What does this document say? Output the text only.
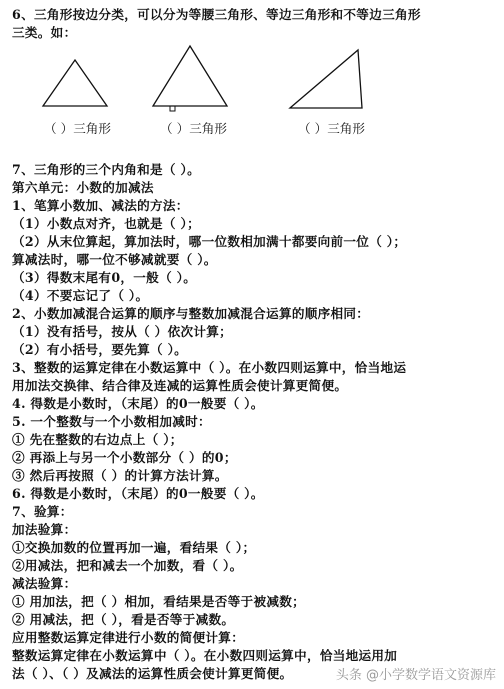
6、三角形按边分类，可以分为等腰三角形、等边三角形和不等边三角形
三类。如：
（ ）三角形	（ ）三角形	（ ）三角形
7、三角形的三个内角和是（ ）。
第六单元：小数的加减法
1、笔算小数加、减法的方法：
（1）小数点对齐，也就是（ ）；
（2）从末位算起，算加法时，哪一位数相加满十都要向前一位（ ）；
算减法时，哪一位不够减就要（ ）。
（3）得数末尾有0，一般（ ）。
（4）不要忘记了（ ）。
2、小数加减混合运算的顺序与整数加减混合运算的顺序相同：
（1）没有括号，按从（ ）依次计算；
（2）有小括号，要先算（ ）。
3、整数的运算定律在小数运算中（ ）。在小数四则运算中，恰当地运
用加法交换律、结合律及连减的运算性质会使计算更简便。
4. 得数是小数时，（末尾）的0一般要（ ）。
5. 一个整数与一个小数相加减时：
① 先在整数的右边点上（ ）；
② 再添上与另一个小数部分（ ）的0；
③ 然后再按照（ ）的计算方法计算。
6. 得数是小数时，（末尾）的0一般要（ ）。
7、验算：
加法验算：
①交换加数的位置再加一遍，看结果（ ）；
②用减法，把和减去一个加数，看（ ）。
减法验算：
① 用加法，把（ ）相加，看结果是否等于被减数；
② 用减法，把（ ），看是否等于减数。
应用整数运算定律进行小数的简便计算：
整数运算定律在小数运算中（ ）。在小数四则运算中，恰当地运用加
法（ ）、（ ）及减法的运算性质会使计算更简便。	头条 @小学数学语文资源库
